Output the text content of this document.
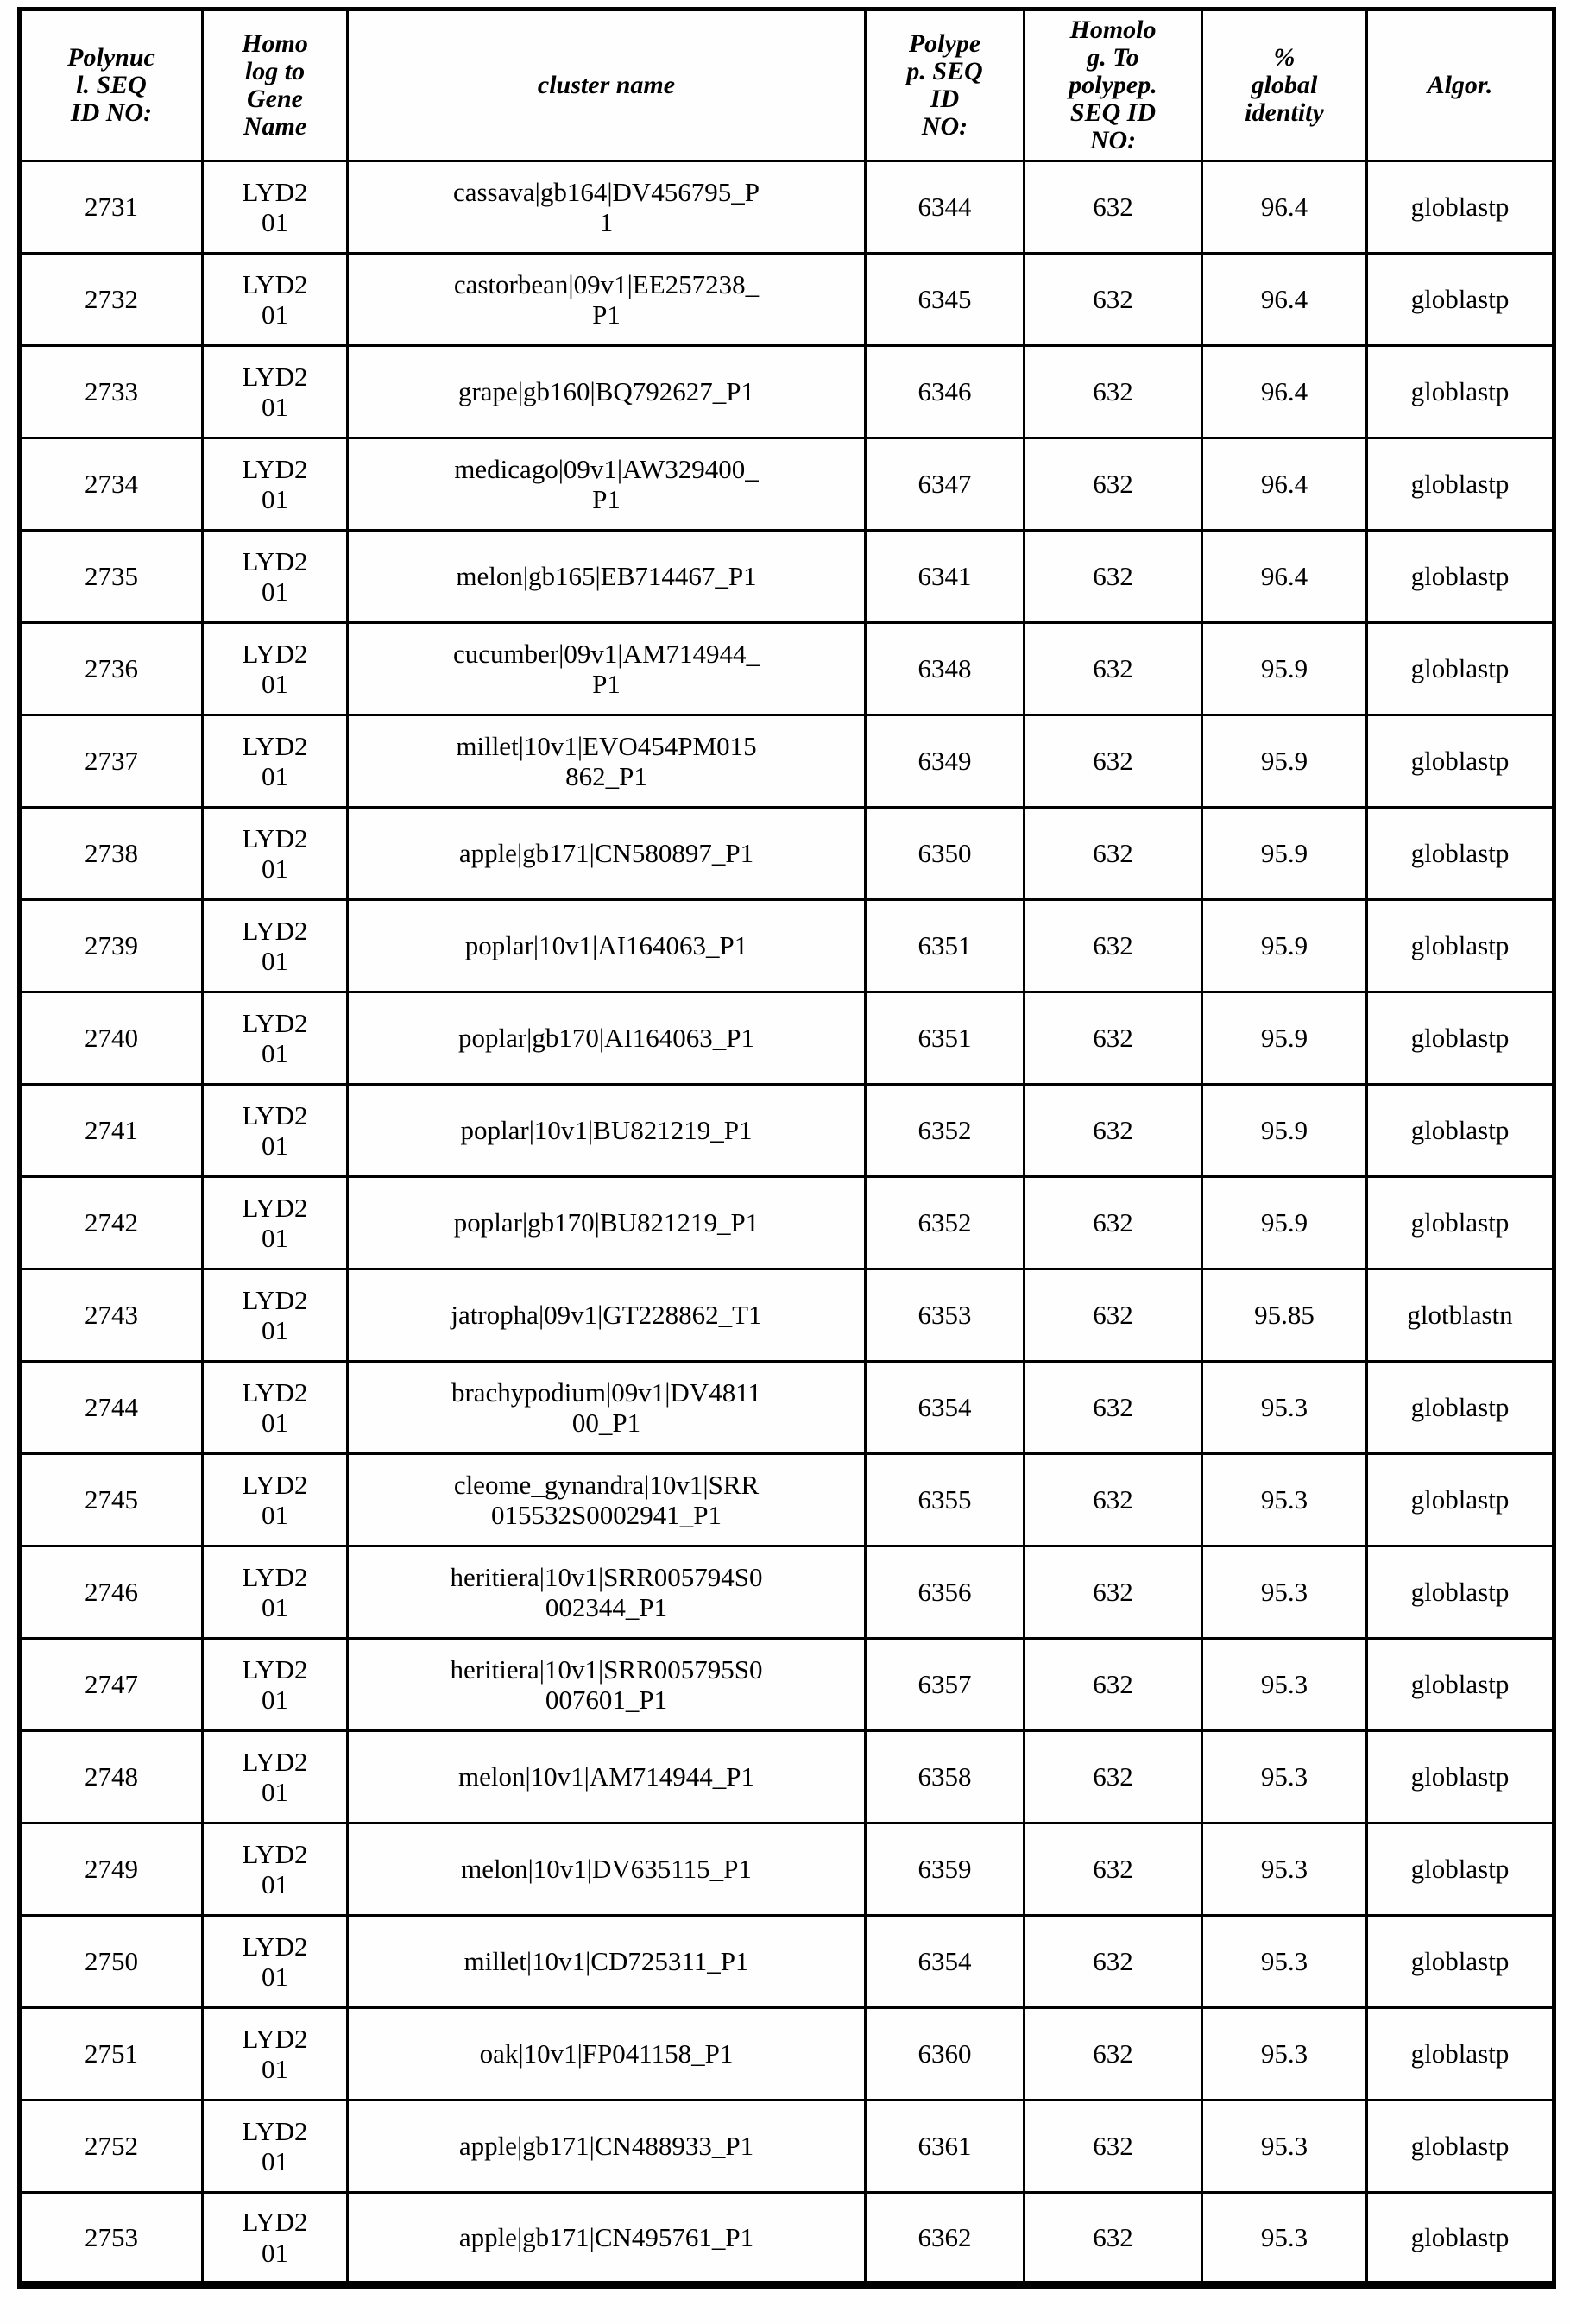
Polynuc
l. SEQ
ID NO:	Homo
log to
Gene
Name	cluster name	Polype
p. SEQ
ID
NO:	Homolo
g. To
polypep.
SEQ ID
NO:	%
global
identity	Algor.
2731	LYD2
01	cassava|gb164|DV456795_P
1	6344	632	96.4	globlastp
2732	LYD2
01	castorbean|09v1|EE257238_
P1	6345	632	96.4	globlastp
2733	LYD2
01	grape|gb160|BQ792627_P1	6346	632	96.4	globlastp
2734	LYD2
01	medicago|09v1|AW329400_
P1	6347	632	96.4	globlastp
2735	LYD2
01	melon|gb165|EB714467_P1	6341	632	96.4	globlastp
2736	LYD2
01	cucumber|09v1|AM714944_
P1	6348	632	95.9	globlastp
2737	LYD2
01	millet|10v1|EVO454PM015
862_P1	6349	632	95.9	globlastp
2738	LYD2
01	apple|gb171|CN580897_P1	6350	632	95.9	globlastp
2739	LYD2
01	poplar|10v1|AI164063_P1	6351	632	95.9	globlastp
2740	LYD2
01	poplar|gb170|AI164063_P1	6351	632	95.9	globlastp
2741	LYD2
01	poplar|10v1|BU821219_P1	6352	632	95.9	globlastp
2742	LYD2
01	poplar|gb170|BU821219_P1	6352	632	95.9	globlastp
2743	LYD2
01	jatropha|09v1|GT228862_T1	6353	632	95.85	glotblastn
2744	LYD2
01	brachypodium|09v1|DV4811
00_P1	6354	632	95.3	globlastp
2745	LYD2
01	cleome_gynandra|10v1|SRR
015532S0002941_P1	6355	632	95.3	globlastp
2746	LYD2
01	heritiera|10v1|SRR005794S0
002344_P1	6356	632	95.3	globlastp
2747	LYD2
01	heritiera|10v1|SRR005795S0
007601_P1	6357	632	95.3	globlastp
2748	LYD2
01	melon|10v1|AM714944_P1	6358	632	95.3	globlastp
2749	LYD2
01	melon|10v1|DV635115_P1	6359	632	95.3	globlastp
2750	LYD2
01	millet|10v1|CD725311_P1	6354	632	95.3	globlastp
2751	LYD2
01	oak|10v1|FP041158_P1	6360	632	95.3	globlastp
2752	LYD2
01	apple|gb171|CN488933_P1	6361	632	95.3	globlastp
2753	LYD2
01	apple|gb171|CN495761_P1	6362	632	95.3	globlastp
